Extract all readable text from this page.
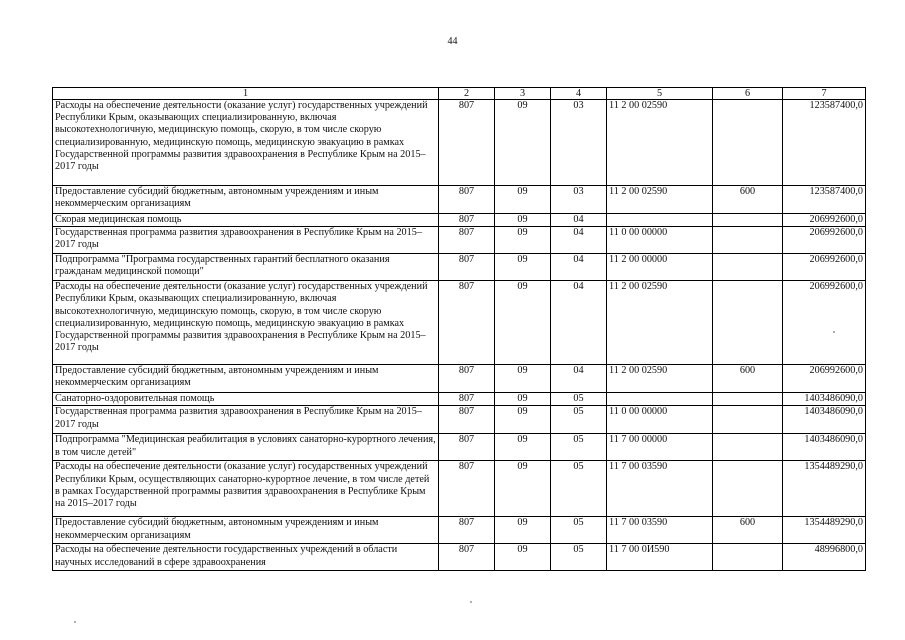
44
1	2	3	4	5	6	7
Расходы на обеспечение деятельности (оказание услуг) государственных учреждений Республики Крым, оказывающих специализированную, включая высокотехнологичную, медицинскую помощь, скорую, в том числе скорую специализированную, медицинскую помощь, медицинскую эвакуацию в рамках Государственной программы развития здравоохранения в Республике Крым на 2015–2017 годы	807	09	03	11 2 00 02590		123587400,0
Предоставление субсидий бюджетным, автономным учреждениям и иным некоммерческим организациям	807	09	03	11 2 00 02590	600	123587400,0
Скорая медицинская помощь	807	09	04			206992600,0
Государственная программа развития здравоохранения в Республике Крым на 2015–2017 годы	807	09	04	11 0 00 00000		206992600,0
Подпрограмма "Программа государственных гарантий бесплатного оказания гражданам медицинской помощи"	807	09	04	11 2 00 00000		206992600,0
Расходы на обеспечение деятельности (оказание услуг) государственных учреждений Республики Крым, оказывающих специализированную, включая высокотехнологичную, медицинскую помощь, скорую, в том числе скорую специализированную, медицинскую помощь, медицинскую эвакуацию в рамках Государственной программы развития здравоохранения в Республике Крым на 2015–2017 годы	807	09	04	11 2 00 02590		206992600,0
Предоставление субсидий бюджетным, автономным учреждениям и иным некоммерческим организациям	807	09	04	11 2 00 02590	600	206992600,0
Санаторно-оздоровительная помощь	807	09	05			1403486090,0
Государственная программа развития здравоохранения в Республике Крым на 2015–2017 годы	807	09	05	11 0 00 00000		1403486090,0
Подпрограмма "Медицинская реабилитация в условиях санаторно-курортного лечения, в том числе детей"	807	09	05	11 7 00 00000		1403486090,0
Расходы на обеспечение деятельности (оказание услуг) государственных учреждений Республики Крым, осуществляющих санаторно-курортное лечение, в том числе детей в рамках Государственной программы развития здравоохранения в Республике Крым на 2015–2017 годы	807	09	05	11 7 00 03590		1354489290,0
Предоставление субсидий бюджетным, автономным учреждениям и иным некоммерческим организациям	807	09	05	11 7 00 03590	600	1354489290,0
Расходы на обеспечение деятельности государственных учреждений в области научных исследований в сфере здравоохранения	807	09	05	11 7 00 0И590		48996800,0
